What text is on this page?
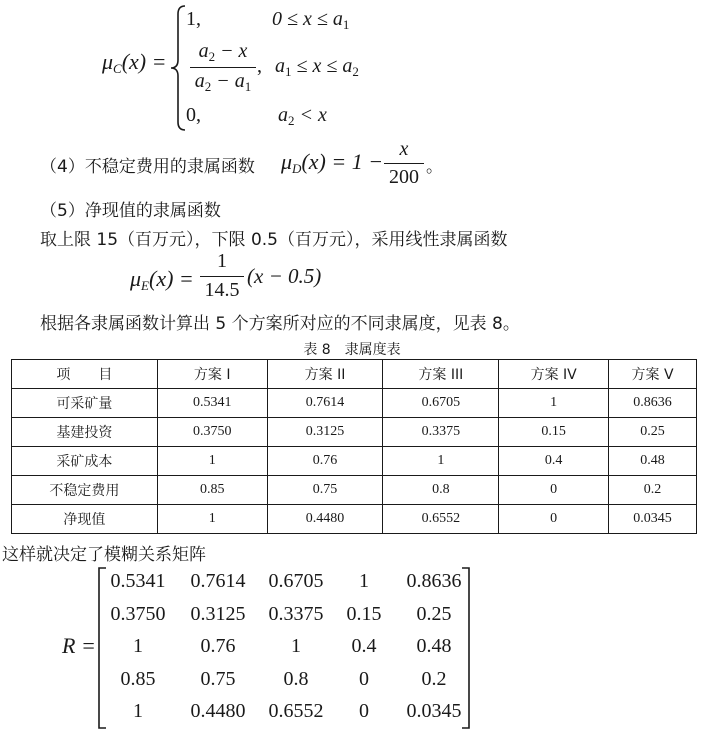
μC(x) =
1,	$0 \le x \le a_1$
$a_2 - x$
$a_2 - a_1$
, $a_1 \le x \le a_2$
0,	$a_2 < x$
（4）不稳定费用的隶属函数 μD(x) = 1 − x
200 。
（5）净现值的隶属函数
取上限 15（百万元），下限 0.5（百万元），采用线性隶属函数
μE(x) =
1
14.5
(x − 0.5)
根据各隶属函数计算出 5 个方案所对应的不同隶属度，见表 8。
表 8　隶属度表
项　　目	方案 I	方案 II	方案 III	方案 IV	方案 V
可采矿量	0.5341	0.7614	0.6705	1	0.8636
基建投资	0.3750	0.3125	0.3375	0.15	0.25
采矿成本	1	0.76	1	0.4	0.48
不稳定费用	0.85	0.75	0.8	0	0.2
净现值	1	0.4480	0.6552	0	0.0345
这样就决定了模糊关系矩阵
R =
0.5341	0.7614	0.6705	1	0.8636
0.3750	0.3125	0.3375	0.15	0.25
1	0.76	1	0.4	0.48
0.85	0.75	0.8	0	0.2
1	0.4480	0.6552	0	0.0345
